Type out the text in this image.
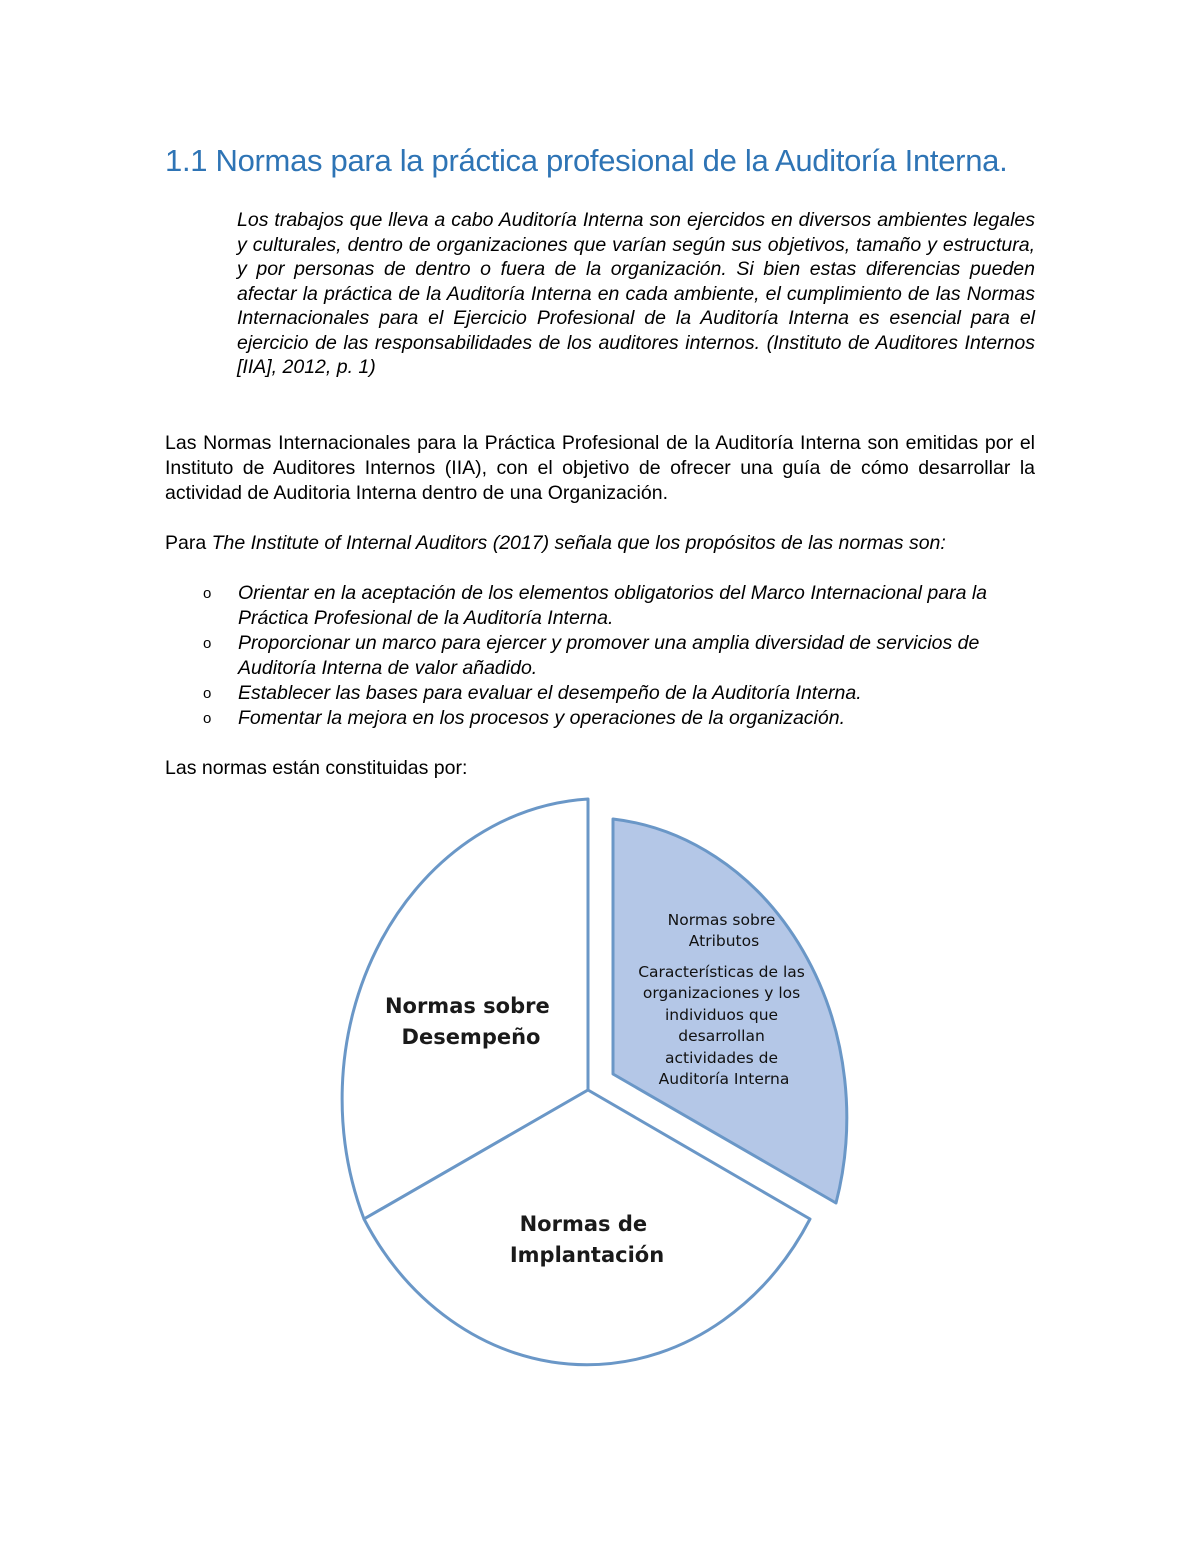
1.1 Normas para la práctica profesional de la Auditoría Interna.

Los trabajos que lleva a cabo Auditoría Interna son ejercidos en diversos ambientes legales y culturales, dentro de organizaciones que varían según sus objetivos, tamaño y estructura, y por personas de dentro o fuera de la organización. Si bien estas diferencias pueden afectar la práctica de la Auditoría Interna en cada ambiente, el cumplimiento de las Normas Internacionales para el Ejercicio Profesional de la Auditoría Interna es esencial para el ejercicio de las responsabilidades de los auditores internos. (Instituto de Auditores Internos [IIA], 2012, p. 1)

Las Normas Internacionales para la Práctica Profesional de la Auditoría Interna son emitidas por el Instituto de Auditores Internos (IIA), con el objetivo de ofrecer una guía de cómo desarrollar la actividad de Auditoria Interna dentro de una Organización.

Para The Institute of Internal Auditors (2017) señala que los propósitos de las normas son:

o Orientar en la aceptación de los elementos obligatorios del Marco Internacional para la Práctica Profesional de la Auditoría Interna.
o Proporcionar un marco para ejercer y promover una amplia diversidad de servicios de Auditoría Interna de valor añadido.
o Establecer las bases para evaluar el desempeño de la Auditoría Interna.
o Fomentar la mejora en los procesos y operaciones de la organización.

Las normas están constituidas por:

Normas sobre Atributos
Características de las organizaciones y los individuos que desarrollan actividades de Auditoría Interna
Normas de Implantación
Normas sobre Desempeño
